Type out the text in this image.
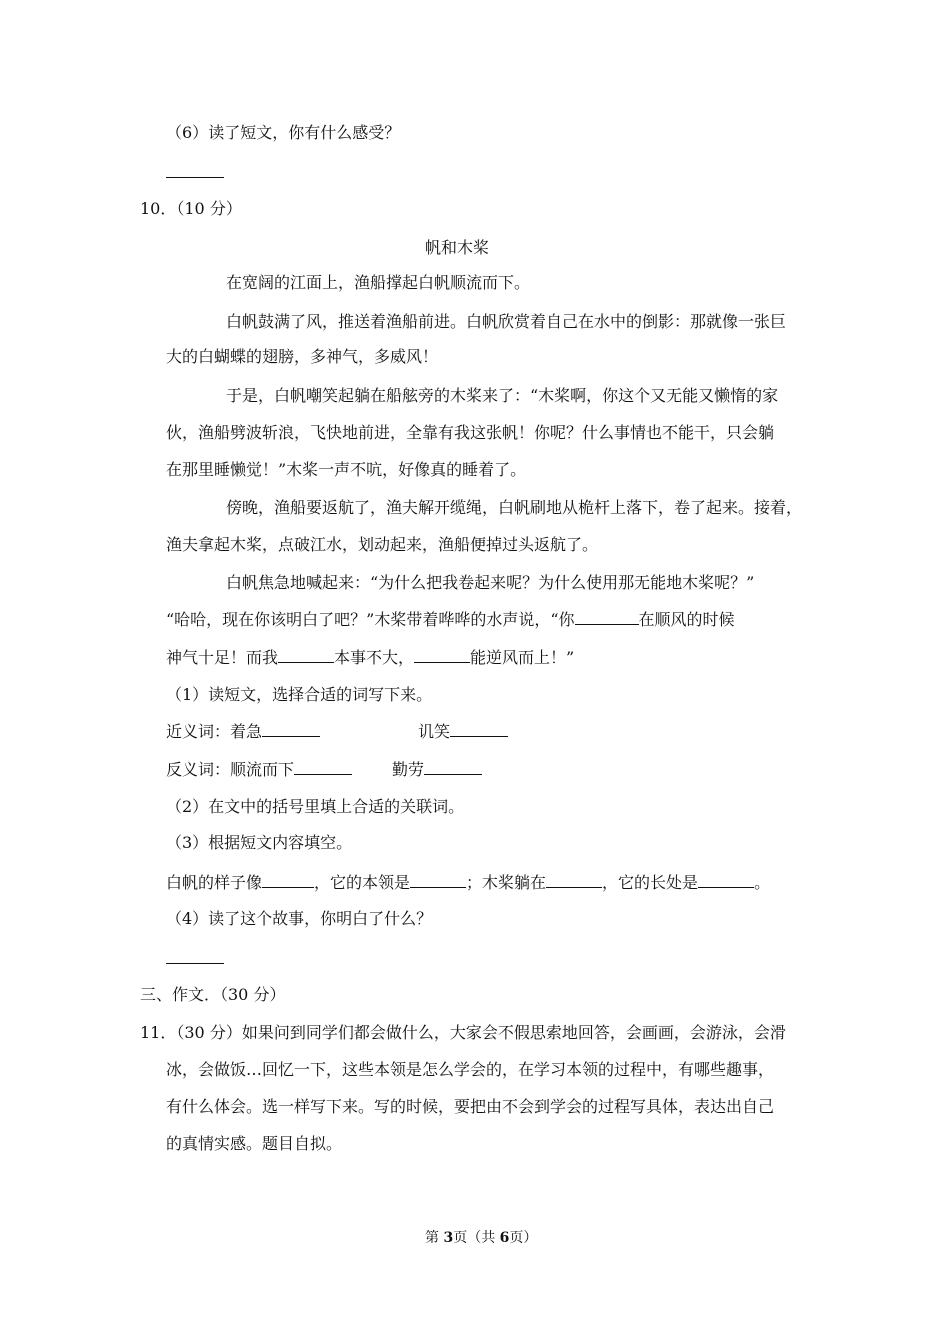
（6）读了短文，你有什么感受？
10．（10 分）
帆和木桨
在宽阔的江面上，渔船撑起白帆顺流而下。
白帆鼓满了风，推送着渔船前进。白帆欣赏着自己在水中的倒影：那就像一张巨
大的白蝴蝶的翅膀，多神气，多威风！
于是，白帆嘲笑起躺在船舷旁的木桨来了：“木桨啊，你这个又无能又懒惰的家
伙，渔船劈波斩浪，飞快地前进，全靠有我这张帆！你呢？什么事情也不能干，只会躺
在那里睡懒觉！”木桨一声不吭，好像真的睡着了。
傍晚，渔船要返航了，渔夫解开缆绳，白帆刷地从桅杆上落下，卷了起来。接着，
渔夫拿起木桨，点破江水，划动起来，渔船便掉过头返航了。
白帆焦急地喊起来：“为什么把我卷起来呢？为什么使用那无能地木桨呢？”
“哈哈，现在你该明白了吧？”木桨带着哗哗的水声说，“你	在顺风的时候
神气十足！而我	本事不大，	能逆风而上！”
（1）读短文，选择合适的词写下来。
近义词：着急	讥笑
反义词：顺流而下	勤劳
（2）在文中的括号里填上合适的关联词。
（3）根据短文内容填空。
白帆的样子像	，它的本领是	；木桨躺在	，它的长处是	。
（4）读了这个故事，你明白了什么？
三、作文．（30 分）
11．（30 分）如果问到同学们都会做什么，大家会不假思索地回答，会画画，会游泳，会滑
冰，会做饭…回忆一下，这些本领是怎么学会的，在学习本领的过程中，有哪些趣事，
有什么体会。选一样写下来。写的时候，要把由不会到学会的过程写具体，表达出自己
的真情实感。题目自拟。
第 3页（共 6页）
